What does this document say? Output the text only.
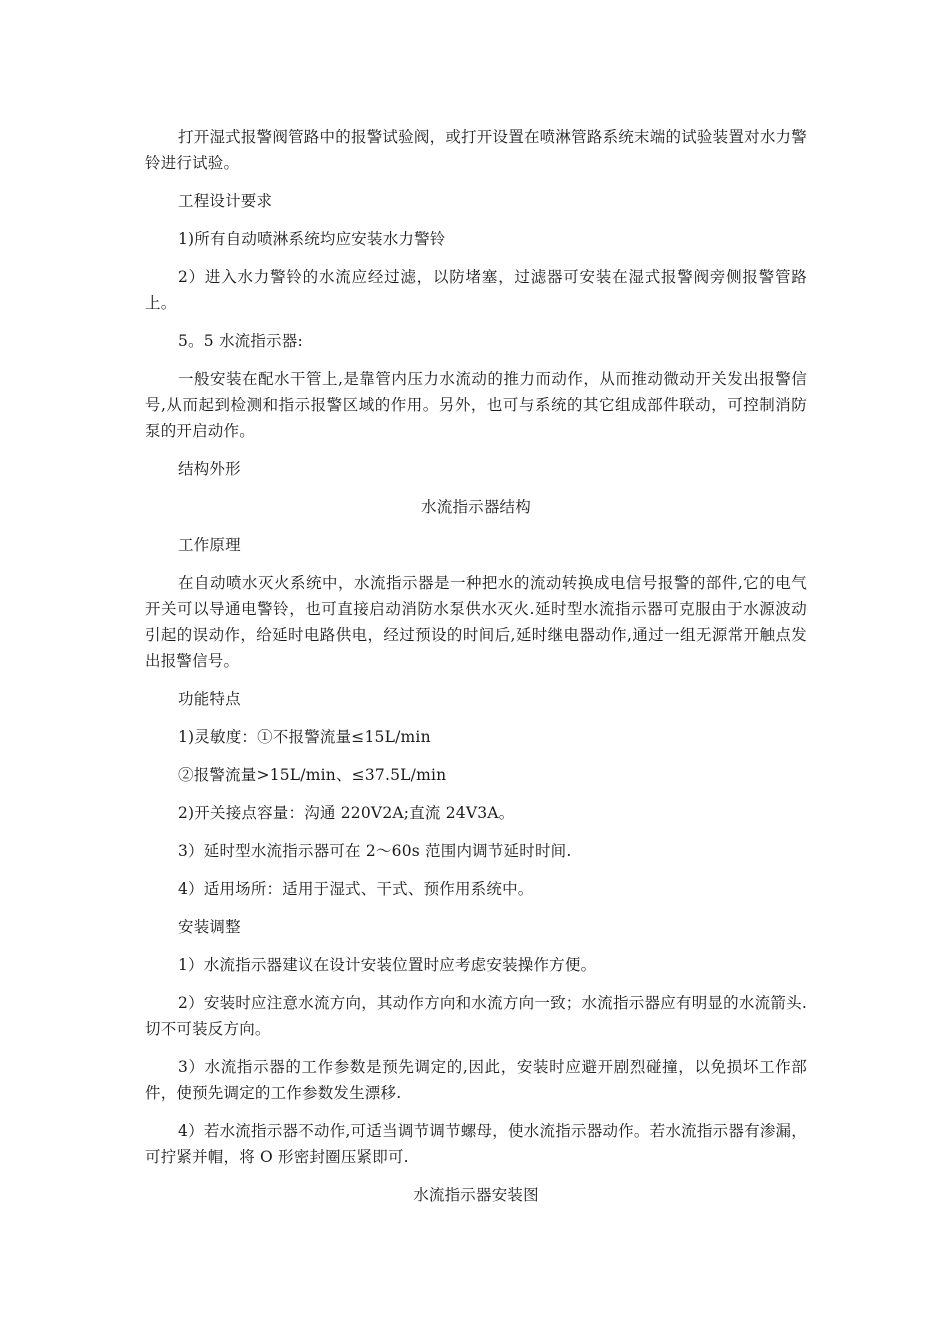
打开湿式报警阀管路中的报警试验阀，或打开设置在喷淋管路系统末端的试验装置对水力警铃进行试验。

工程设计要求

1)所有自动喷淋系统均应安装水力警铃

2）进入水力警铃的水流应经过滤，以防堵塞，过滤器可安装在湿式报警阀旁侧报警管路上。

5。5 水流指示器:

一般安装在配水干管上,是靠管内压力水流动的推力而动作，从而推动微动开关发出报警信号,从而起到检测和指示报警区域的作用。另外，也可与系统的其它组成部件联动，可控制消防泵的开启动作。

结构外形

水流指示器结构

工作原理

在自动喷水灭火系统中，水流指示器是一种把水的流动转换成电信号报警的部件,它的电气开关可以导通电警铃，也可直接启动消防水泵供水灭火.延时型水流指示器可克服由于水源波动引起的误动作，给延时电路供电，经过预设的时间后,延时继电器动作,通过一组无源常开触点发出报警信号。

功能特点

1)灵敏度：①不报警流量≤15L/min

②报警流量>15L/min、≤37.5L/min

2)开关接点容量：沟通 220V2A;直流 24V3A。

3）延时型水流指示器可在 2～60s 范围内调节延时时间.

4）适用场所：适用于湿式、干式、预作用系统中。

安装调整

1）水流指示器建议在设计安装位置时应考虑安装操作方便。

2）安装时应注意水流方向，其动作方向和水流方向一致；水流指示器应有明显的水流箭头.切不可装反方向。

3）水流指示器的工作参数是预先调定的,因此，安装时应避开剧烈碰撞，以免损坏工作部件，使预先调定的工作参数发生漂移.

4）若水流指示器不动作,可适当调节调节螺母，使水流指示器动作。若水流指示器有渗漏，可拧紧并帽，将 O 形密封圈压紧即可.

水流指示器安装图
